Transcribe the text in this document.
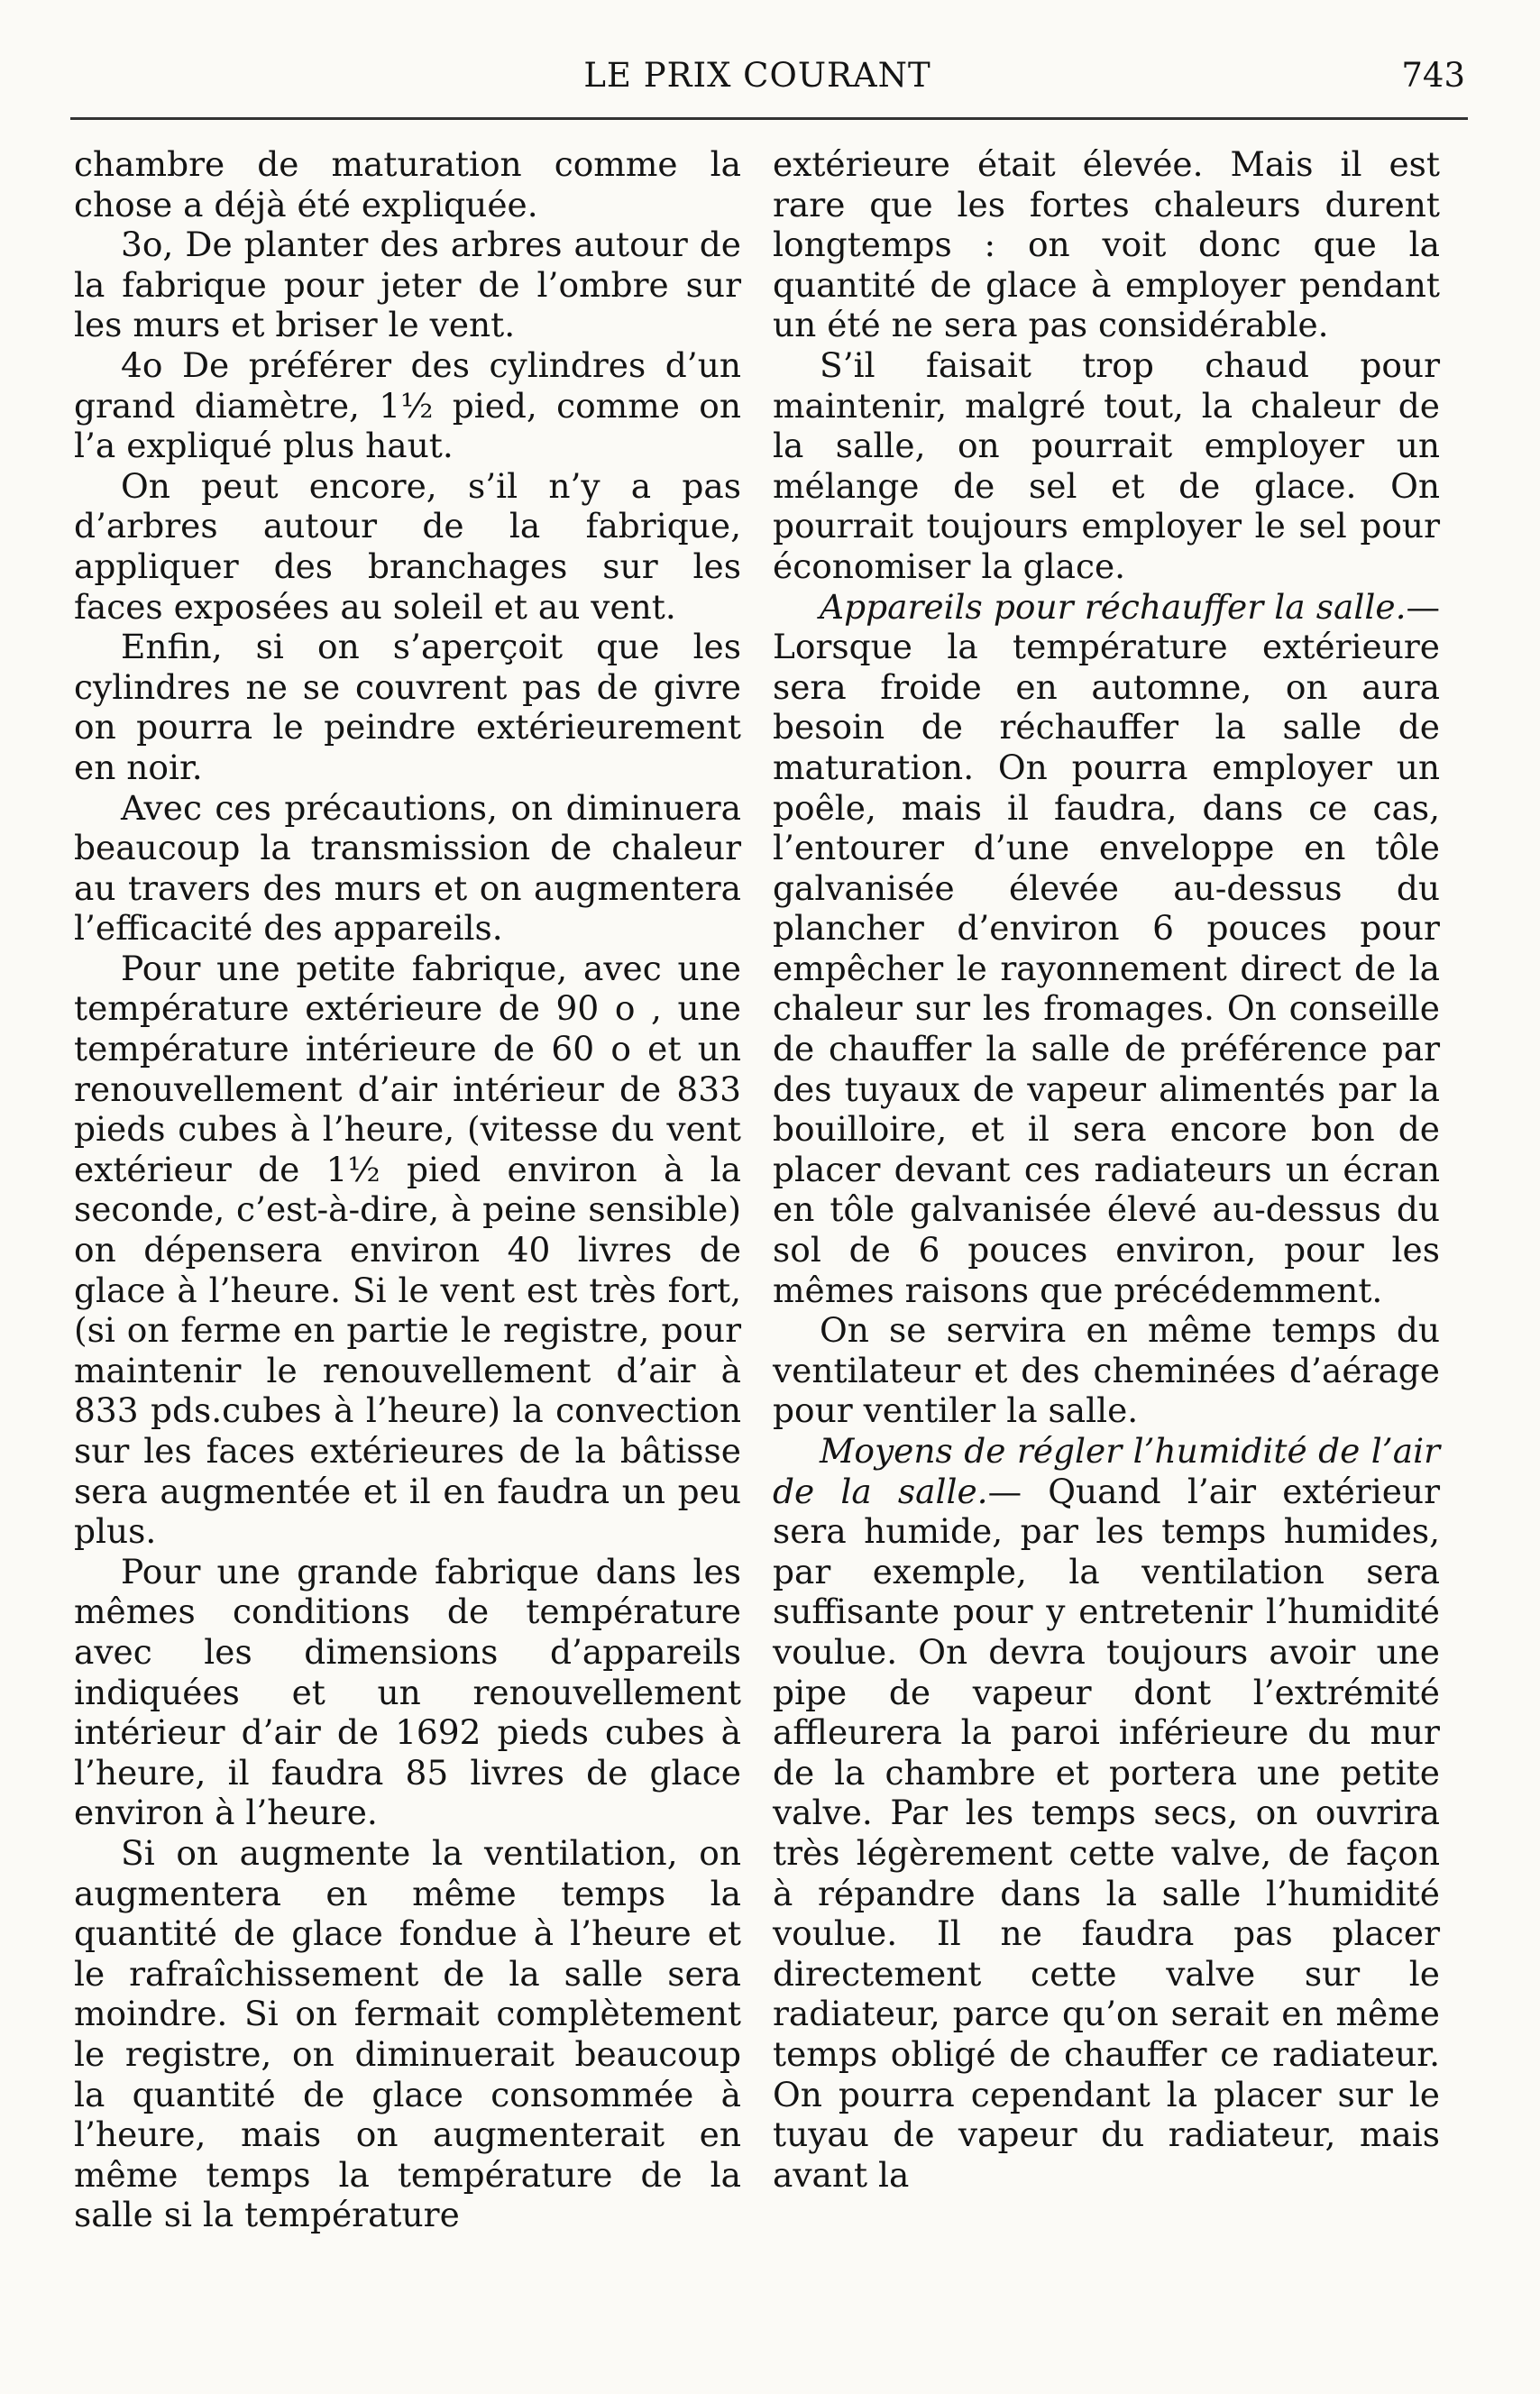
LE PRIX COURANT	743

chambre de maturation comme la chose a déjà été expliquée.

3o, De planter des arbres autour de la fabrique pour jeter de l’ombre sur les murs et briser le vent.

4o De préférer des cylindres d’un grand diamètre, 1½ pied, comme on l’a expliqué plus haut.

On peut encore, s’il n’y a pas d’arbres autour de la fabrique, appliquer des branchages sur les faces exposées au soleil et au vent.

Enfin, si on s’aperçoit que les cylindres ne se couvrent pas de givre on pourra le peindre extérieurement en noir.

Avec ces précautions, on diminuera beaucoup la transmission de chaleur au travers des murs et on augmentera l’efficacité des appareils.

Pour une petite fabrique, avec une température extérieure de 90 o , une température intérieure de 60 o et un renouvellement d’air intérieur de 833 pieds cubes à l’heure, (vitesse du vent extérieur de 1½ pied environ à la seconde, c’est-à-dire, à peine sensible) on dépensera environ 40 livres de glace à l’heure. Si le vent est très fort, (si on ferme en partie le registre, pour maintenir le renouvellement d’air à 833 pds.cubes à l’heure) la convection sur les faces extérieures de la bâtisse sera augmentée et il en faudra un peu plus.

Pour une grande fabrique dans les mêmes conditions de température avec les dimensions d’appareils indiquées et un renouvellement intérieur d’air de 1692 pieds cubes à l’heure, il faudra 85 livres de glace environ à l’heure.

Si on augmente la ventilation, on augmentera en même temps la quantité de glace fondue à l’heure et le rafraîchissement de la salle sera moindre. Si on fermait complètement le registre, on diminuerait beaucoup la quantité de glace consommée à l’heure, mais on augmenterait en même temps la température de la salle si la température

extérieure était élevée. Mais il est rare que les fortes chaleurs durent longtemps : on voit donc que la quantité de glace à employer pendant un été ne sera pas considérable.

S’il faisait trop chaud pour maintenir, malgré tout, la chaleur de la salle, on pourrait employer un mélange de sel et de glace. On pourrait toujours employer le sel pour économiser la glace.

Appareils pour réchauffer la salle.—Lorsque la température extérieure sera froide en automne, on aura besoin de réchauffer la salle de maturation. On pourra employer un poêle, mais il faudra, dans ce cas, l’entourer d’une enveloppe en tôle galvanisée élevée au-dessus du plancher d’environ 6 pouces pour empêcher le rayonnement direct de la chaleur sur les fromages. On conseille de chauffer la salle de préférence par des tuyaux de vapeur alimentés par la bouilloire, et il sera encore bon de placer devant ces radiateurs un écran en tôle galvanisée élevé au-dessus du sol de 6 pouces environ, pour les mêmes raisons que précédemment.

On se servira en même temps du ventilateur et des cheminées d’aérage pour ventiler la salle.

Moyens de régler l’humidité de l’air de la salle.— Quand l’air extérieur sera humide, par les temps humides, par exemple, la ventilation sera suffisante pour y entretenir l’humidité voulue. On devra toujours avoir une pipe de vapeur dont l’extrémité affleurera la paroi inférieure du mur de la chambre et portera une petite valve. Par les temps secs, on ouvrira très légèrement cette valve, de façon à répandre dans la salle l’humidité voulue. Il ne faudra pas placer directement cette valve sur le radiateur, parce qu’on serait en même temps obligé de chauffer ce radiateur. On pourra cependant la placer sur le tuyau de vapeur du radiateur, mais avant la
